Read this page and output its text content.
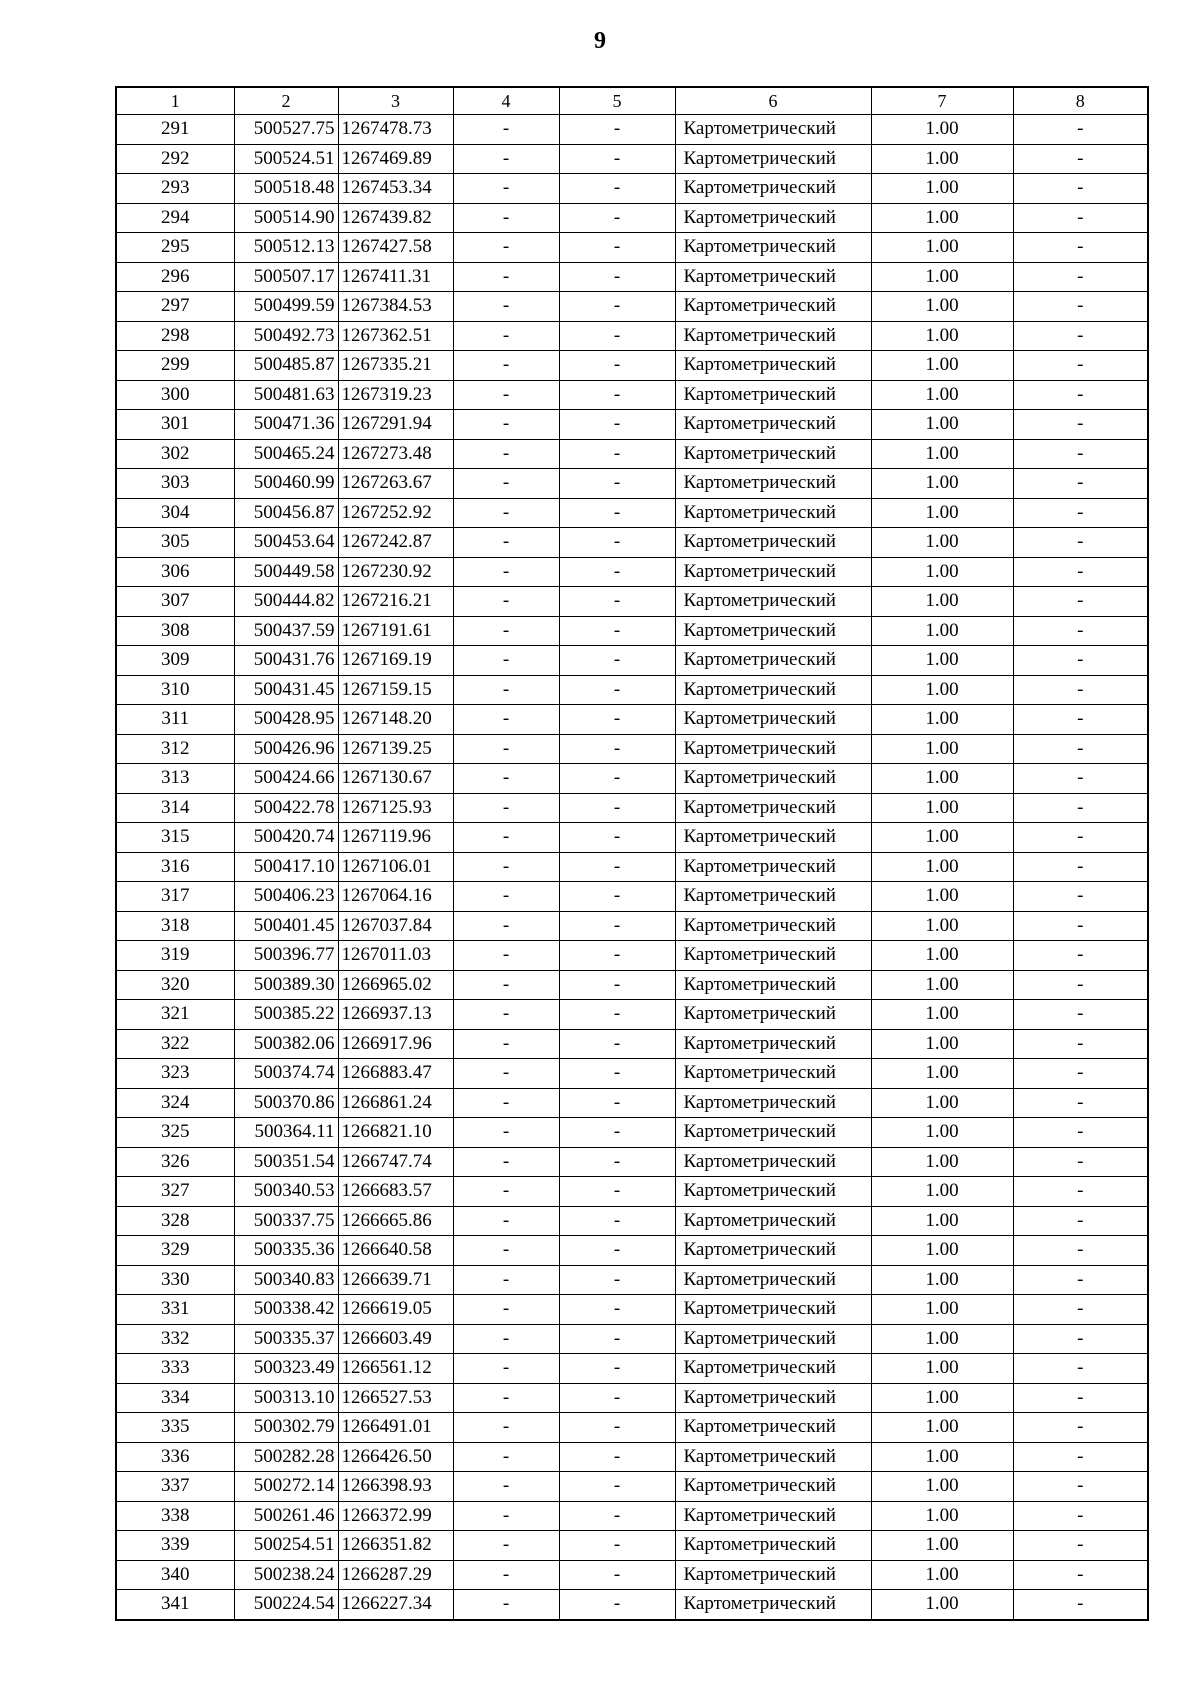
9
1	2	3	4	5	6	7	8
291	500527.75	1267478.73	-	-	Картометрический	1.00	-
292	500524.51	1267469.89	-	-	Картометрический	1.00	-
293	500518.48	1267453.34	-	-	Картометрический	1.00	-
294	500514.90	1267439.82	-	-	Картометрический	1.00	-
295	500512.13	1267427.58	-	-	Картометрический	1.00	-
296	500507.17	1267411.31	-	-	Картометрический	1.00	-
297	500499.59	1267384.53	-	-	Картометрический	1.00	-
298	500492.73	1267362.51	-	-	Картометрический	1.00	-
299	500485.87	1267335.21	-	-	Картометрический	1.00	-
300	500481.63	1267319.23	-	-	Картометрический	1.00	-
301	500471.36	1267291.94	-	-	Картометрический	1.00	-
302	500465.24	1267273.48	-	-	Картометрический	1.00	-
303	500460.99	1267263.67	-	-	Картометрический	1.00	-
304	500456.87	1267252.92	-	-	Картометрический	1.00	-
305	500453.64	1267242.87	-	-	Картометрический	1.00	-
306	500449.58	1267230.92	-	-	Картометрический	1.00	-
307	500444.82	1267216.21	-	-	Картометрический	1.00	-
308	500437.59	1267191.61	-	-	Картометрический	1.00	-
309	500431.76	1267169.19	-	-	Картометрический	1.00	-
310	500431.45	1267159.15	-	-	Картометрический	1.00	-
311	500428.95	1267148.20	-	-	Картометрический	1.00	-
312	500426.96	1267139.25	-	-	Картометрический	1.00	-
313	500424.66	1267130.67	-	-	Картометрический	1.00	-
314	500422.78	1267125.93	-	-	Картометрический	1.00	-
315	500420.74	1267119.96	-	-	Картометрический	1.00	-
316	500417.10	1267106.01	-	-	Картометрический	1.00	-
317	500406.23	1267064.16	-	-	Картометрический	1.00	-
318	500401.45	1267037.84	-	-	Картометрический	1.00	-
319	500396.77	1267011.03	-	-	Картометрический	1.00	-
320	500389.30	1266965.02	-	-	Картометрический	1.00	-
321	500385.22	1266937.13	-	-	Картометрический	1.00	-
322	500382.06	1266917.96	-	-	Картометрический	1.00	-
323	500374.74	1266883.47	-	-	Картометрический	1.00	-
324	500370.86	1266861.24	-	-	Картометрический	1.00	-
325	500364.11	1266821.10	-	-	Картометрический	1.00	-
326	500351.54	1266747.74	-	-	Картометрический	1.00	-
327	500340.53	1266683.57	-	-	Картометрический	1.00	-
328	500337.75	1266665.86	-	-	Картометрический	1.00	-
329	500335.36	1266640.58	-	-	Картометрический	1.00	-
330	500340.83	1266639.71	-	-	Картометрический	1.00	-
331	500338.42	1266619.05	-	-	Картометрический	1.00	-
332	500335.37	1266603.49	-	-	Картометрический	1.00	-
333	500323.49	1266561.12	-	-	Картометрический	1.00	-
334	500313.10	1266527.53	-	-	Картометрический	1.00	-
335	500302.79	1266491.01	-	-	Картометрический	1.00	-
336	500282.28	1266426.50	-	-	Картометрический	1.00	-
337	500272.14	1266398.93	-	-	Картометрический	1.00	-
338	500261.46	1266372.99	-	-	Картометрический	1.00	-
339	500254.51	1266351.82	-	-	Картометрический	1.00	-
340	500238.24	1266287.29	-	-	Картометрический	1.00	-
341	500224.54	1266227.34	-	-	Картометрический	1.00	-
